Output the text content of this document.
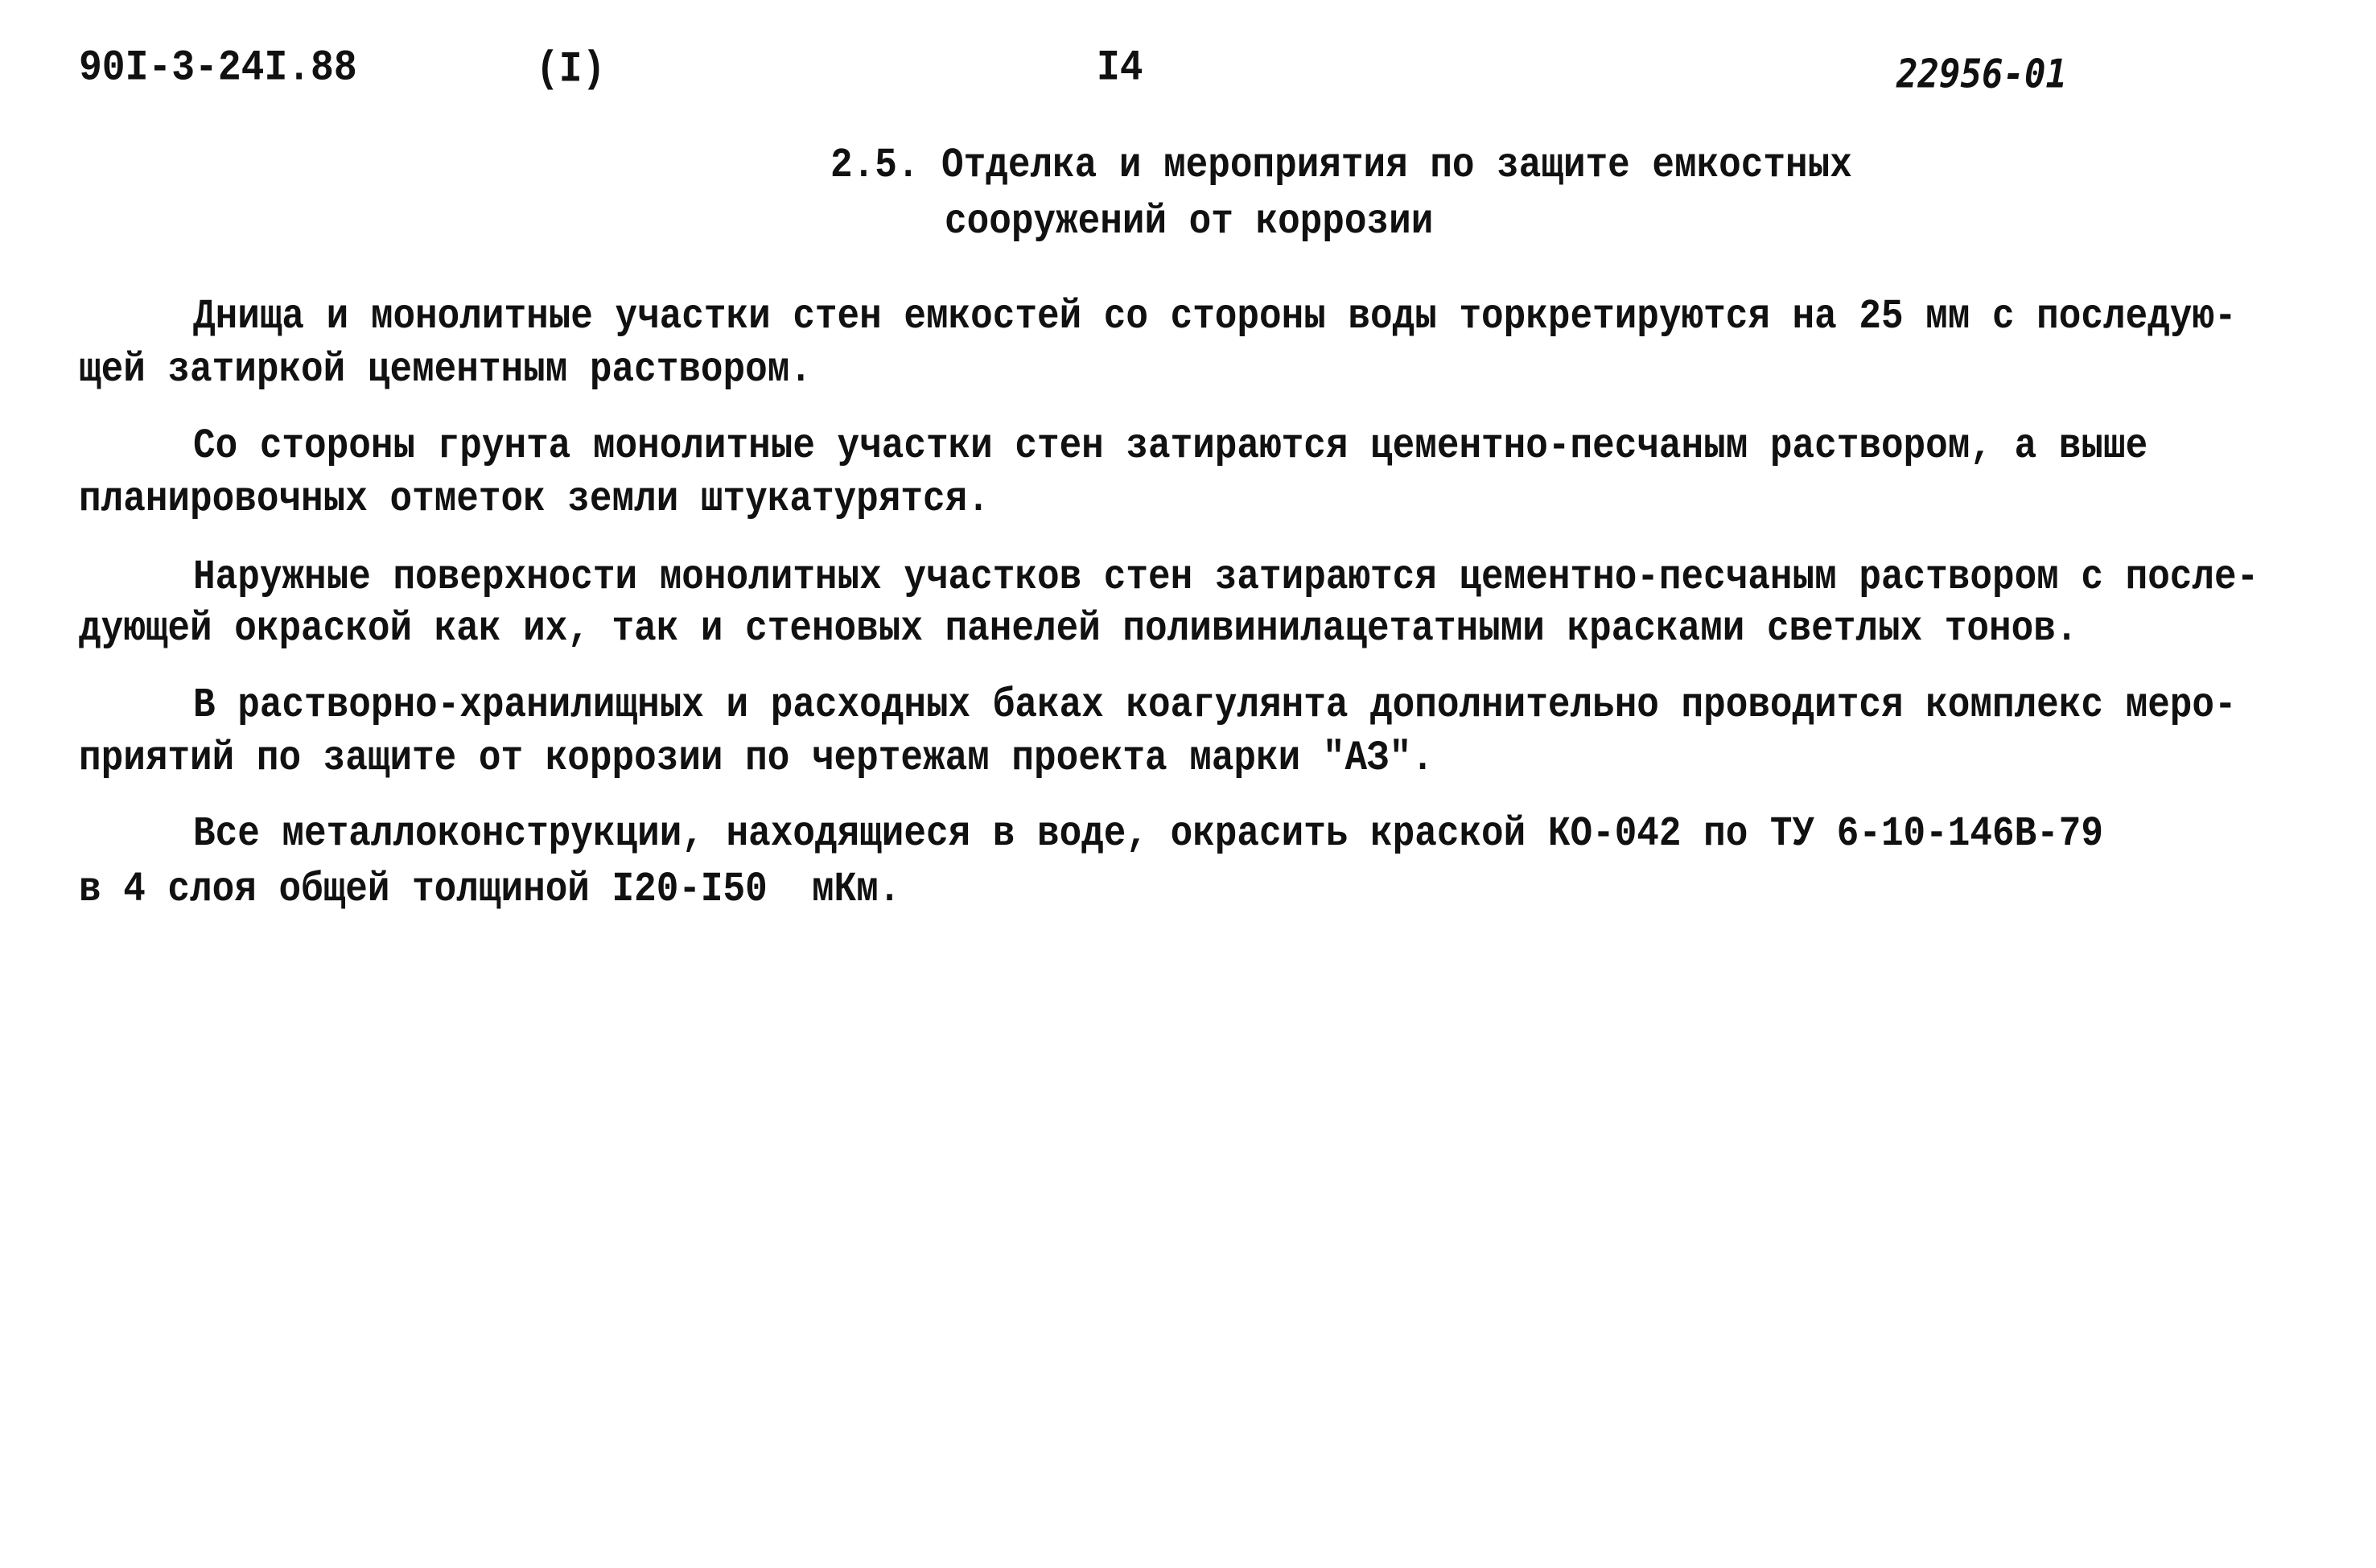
90I-3-24I.88	(I)	I4	22956-01
2.5. Отделка и мероприятия по защите емкостных
сооружений от коррозии
Днища и монолитные участки стен емкостей со стороны воды торкретируются на 25 мм с последую-
щей затиркой цементным раствором.
Со стороны грунта монолитные участки стен затираются цементно-песчаным раствором, а выше
планировочных отметок земли штукатурятся.
Наружные поверхности монолитных участков стен затираются цементно-песчаным раствором с после-
дующей окраской как их, так и стеновых панелей поливинилацетатными красками светлых тонов.
В растворно-хранилищных и расходных баках коагулянта дополнительно проводится комплекс меро-
приятий по защите от коррозии по чертежам проекта марки "АЗ".
Все металлоконструкции, находящиеся в воде, окрасить краской КО-042 по ТУ 6-10-146В-79
в 4 слоя общей толщиной I20-I50  мКм.
